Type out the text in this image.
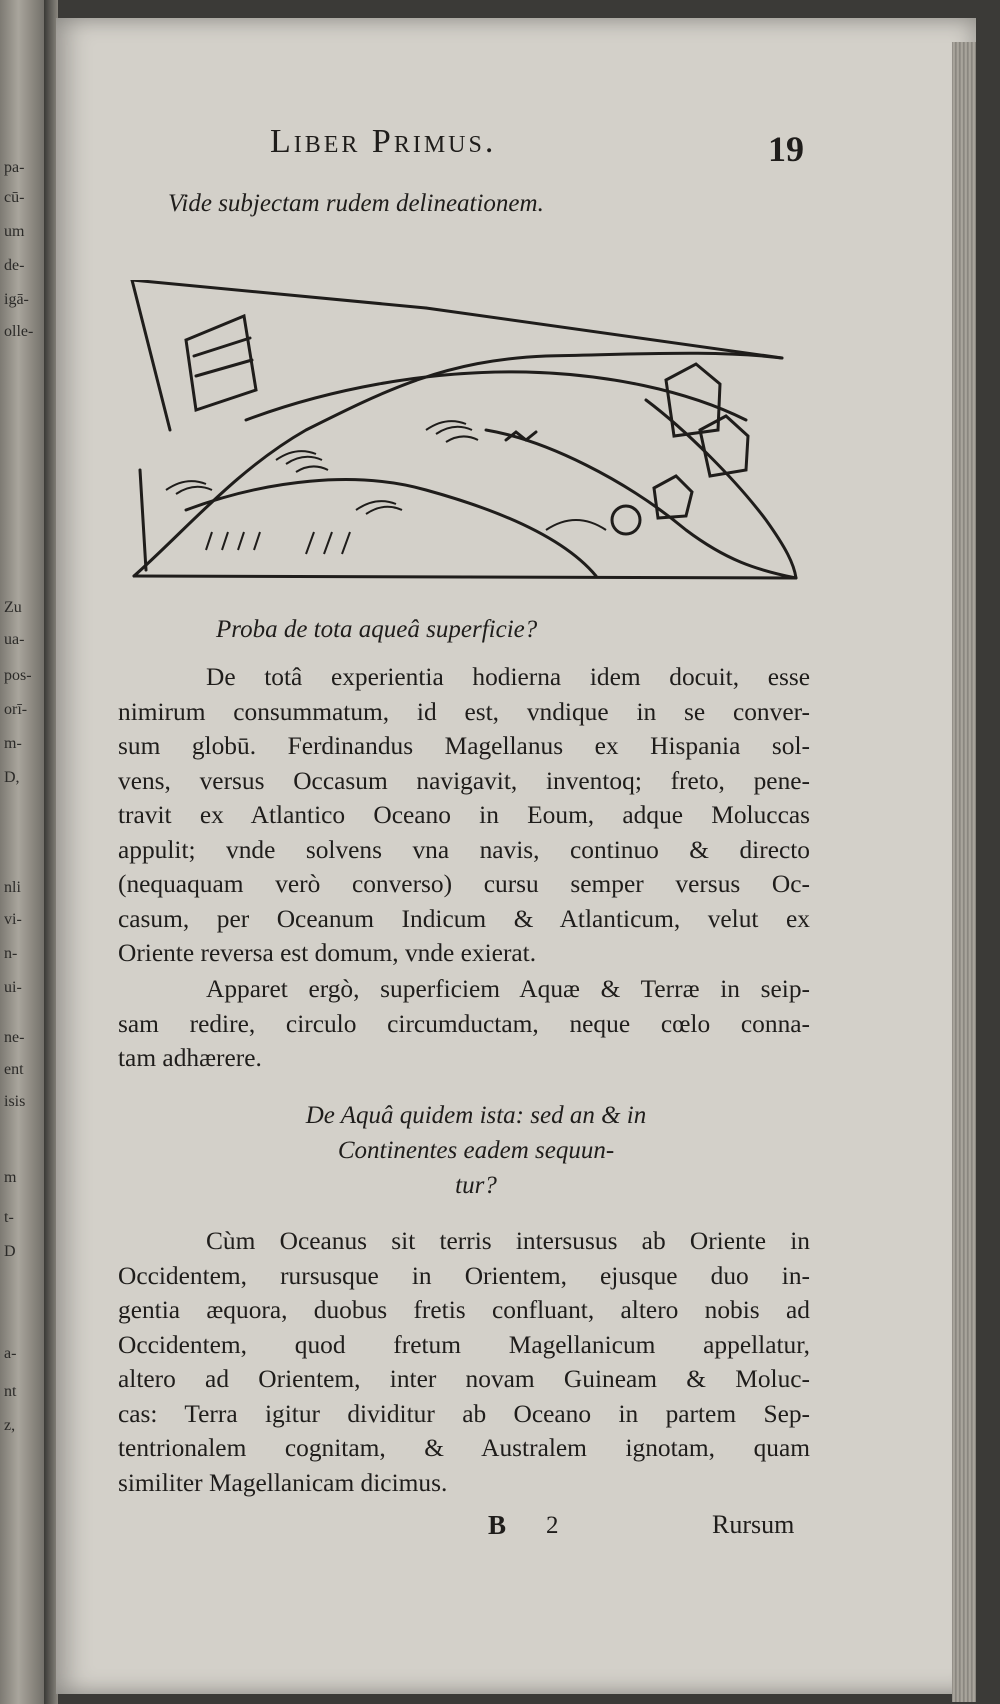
pa-
cū-
um
de-
igā-
olle-
Zu
ua-
pos-
orī-
m-
D,
nli
vi-
n-
ui-
ne-
ent
isis
m
t-
D
a-
nt
z,
Liber Primus.	19
Vide subjectam rudem delineationem.
Proba de tota aqueâ superficie?

De totâ experientia hodierna idem docuit, esse
nimirum consummatum, id est, vndique in se conver-
sum globū. Ferdinandus Magellanus ex Hispania sol-
vens, versus Occasum navigavit, inventoq; freto, pene-
travit ex Atlantico Oceano in Eoum, adque Moluccas
appulit; vnde solvens vna navis, continuo & directo
(nequaquam verò converso) cursu semper versus Oc-
casum, per Oceanum Indicum & Atlanticum, velut ex
Oriente reversa est domum, vnde exierat.

Apparet ergò, superficiem Aquæ & Terræ in seip-
sam redire, circulo circumductam, neque cœlo conna-
tam adhærere.

De Aquâ quidem ista: sed an & in
Continentes eadem sequun-
tur?

Cùm Oceanus sit terris intersusus ab Oriente in
Occidentem, rursusque in Orientem, ejusque duo in-
gentia æquora, duobus fretis confluant, altero nobis ad
Occidentem, quod fretum Magellanicum appellatur,
altero ad Orientem, inter novam Guineam & Moluc-
cas: Terra igitur dividitur ab Oceano in partem Sep-
tentrionalem cognitam, & Australem ignotam, quam
similiter Magellanicam dicimus.

B 2	Rursum
